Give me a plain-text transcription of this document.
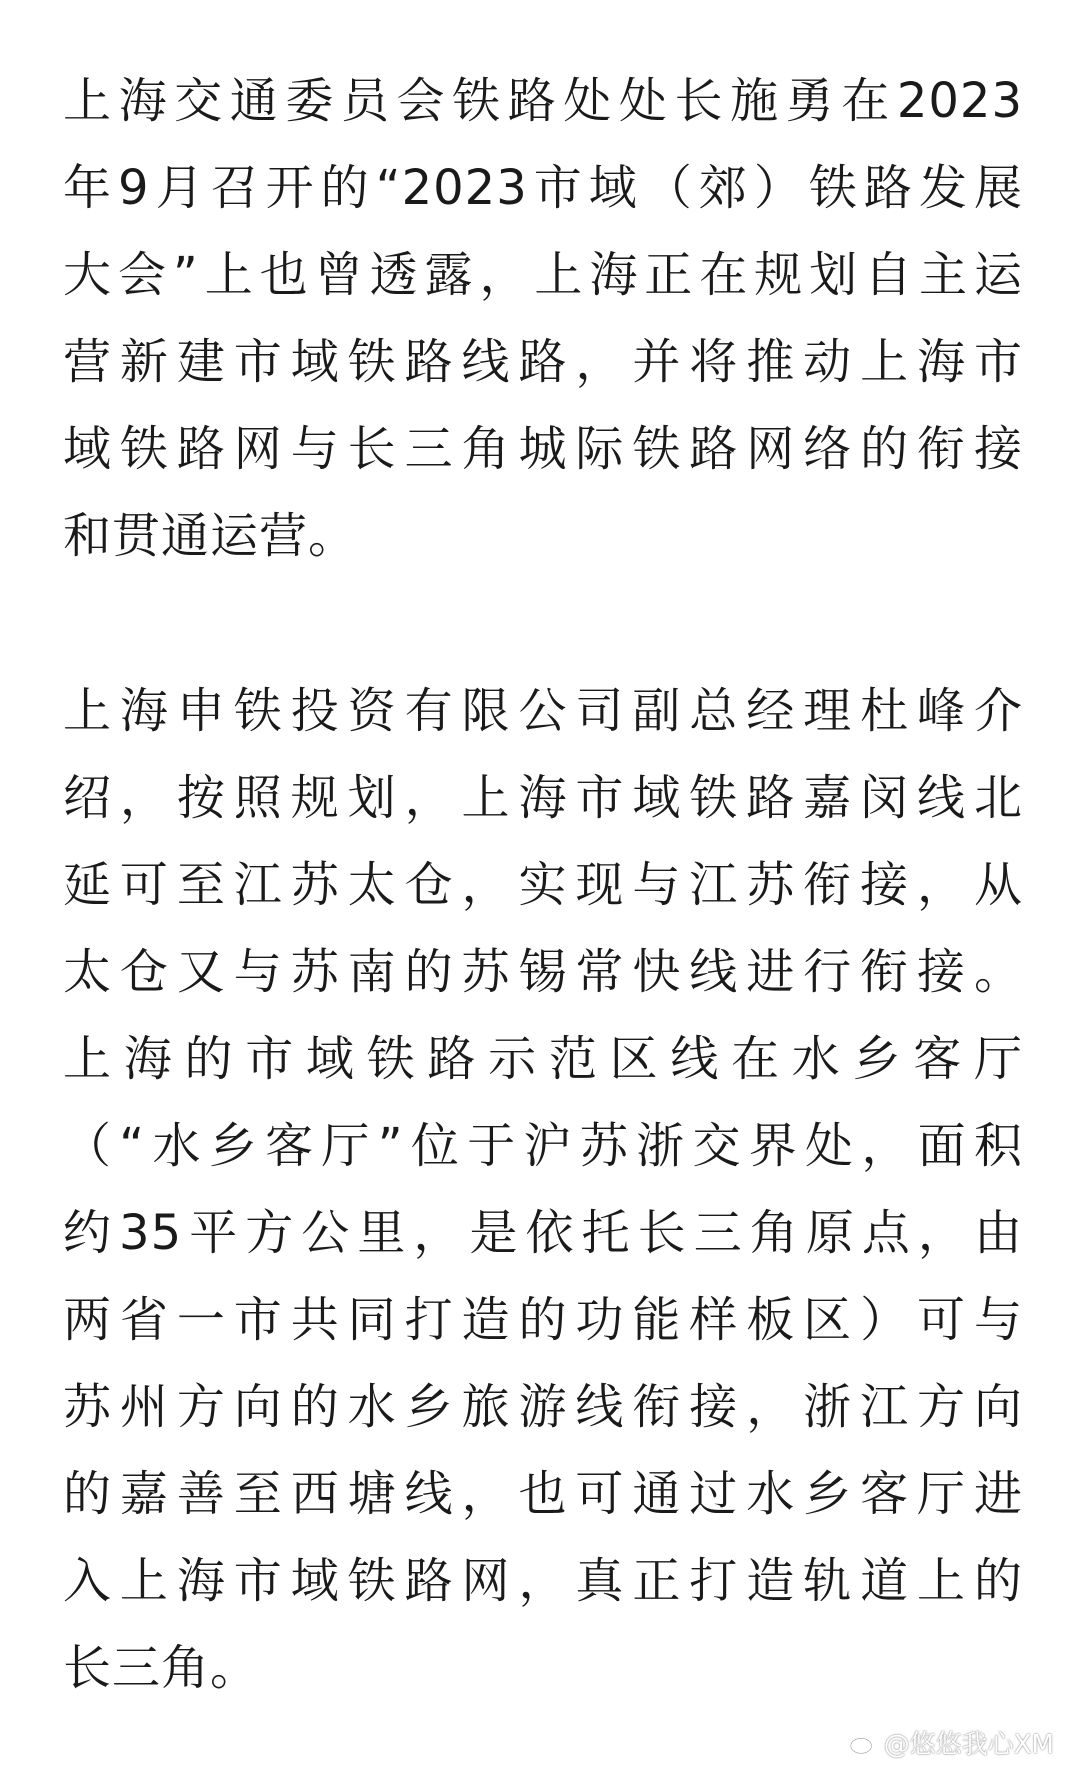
上海交通委员会铁路处处长施勇在2023

年9月召开的“2023市域（郊）铁路发展

大会”上也曾透露，上海正在规划自主运

营新建市域铁路线路，并将推动上海市

域铁路网与长三角城际铁路网络的衔接

和贯通运营。

上海申铁投资有限公司副总经理杜峰介

绍，按照规划，上海市域铁路嘉闵线北

延可至江苏太仓，实现与江苏衔接，从

太仓又与苏南的苏锡常快线进行衔接。

上海的市域铁路示范区线在水乡客厅

（“水乡客厅”位于沪苏浙交界处，面积

约35平方公里，是依托长三角原点，由

两省一市共同打造的功能样板区）可与

苏州方向的水乡旅游线衔接，浙江方向

的嘉善至西塘线，也可通过水乡客厅进

入上海市域铁路网，真正打造轨道上的

长三角。

@悠悠我心XM
